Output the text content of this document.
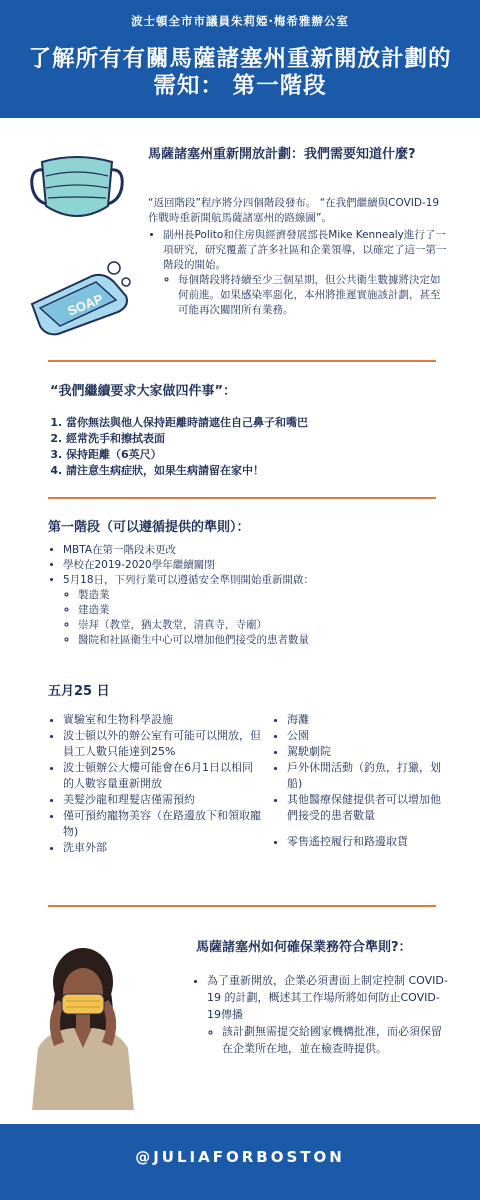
波士頓全市市議員朱莉婭·梅希雅辦公室
了解所有有關馬薩諸塞州重新開放計劃的需知： 第一階段
SOAP
馬薩諸塞州重新開放計劃：我們需要知道什麼?

“返回階段”程序將分四個階段發布。 “在我們繼續與COVID-19作戰時重新開航馬薩諸塞州的路線圖”。

• 副州長Polito和住房與經濟發展部長Mike Kennealy進行了一項研究，研究覆蓋了許多社區和企業領導，以確定了這一第一階段的開始。
◦ 每個階段將持續至少三個星期，但公共衛生數據將決定如何前進。如果感染率惡化，本州將推遲實施該計劃，甚至可能再次關閉所有業務。
“我們繼續要求大家做四件事”：
1. 當你無法與他人保持距離時請遮住自己鼻子和嘴巴
2. 經常洗手和擦拭表面
3. 保持距離（6英尺）
4. 請注意生病症狀，如果生病請留在家中！
第一階段（可以遵循提供的準則）：
• MBTA在第一階段未更改
• 學校在2019-2020學年繼續關閉
• 5月18日，下列行業可以遵循安全準則開始重新開啟：
◦ 製造業
◦ 建造業
◦ 崇拜（教堂，猶太教堂，清真寺，寺廟）
◦ 醫院和社區衛生中心可以增加他們接受的患者數量
五月25 日
• 實驗室和生物科學設施
• 波士頓以外的辦公室有可能可以開放，但員工人數只能達到25%
• 波士頓辦公大樓可能會在6月1日以相同的人數容量重新開放
• 美髮沙龍和理髮店僅需預約
• 僅可預約寵物美容（在路邊放下和領取寵物)
• 洗車外部
• 海灘
• 公園
• 駕駛劇院
• 戶外休閒活動（釣魚，打獵，划船)
• 其他醫療保健提供者可以增加他們接受的患者數量
• 零售遙控履行和路邊取貨
馬薩諸塞州如何確保業務符合準則?：
• 為了重新開放，企業必須書面上制定控制 COVID-19 的計劃，概述其工作場所將如何防止COVID-19傳播
◦ 該計劃無需提交給國家機構批准，而必須保留在企業所在地，並在檢查時提供。
@JULIAFORBOSTON
